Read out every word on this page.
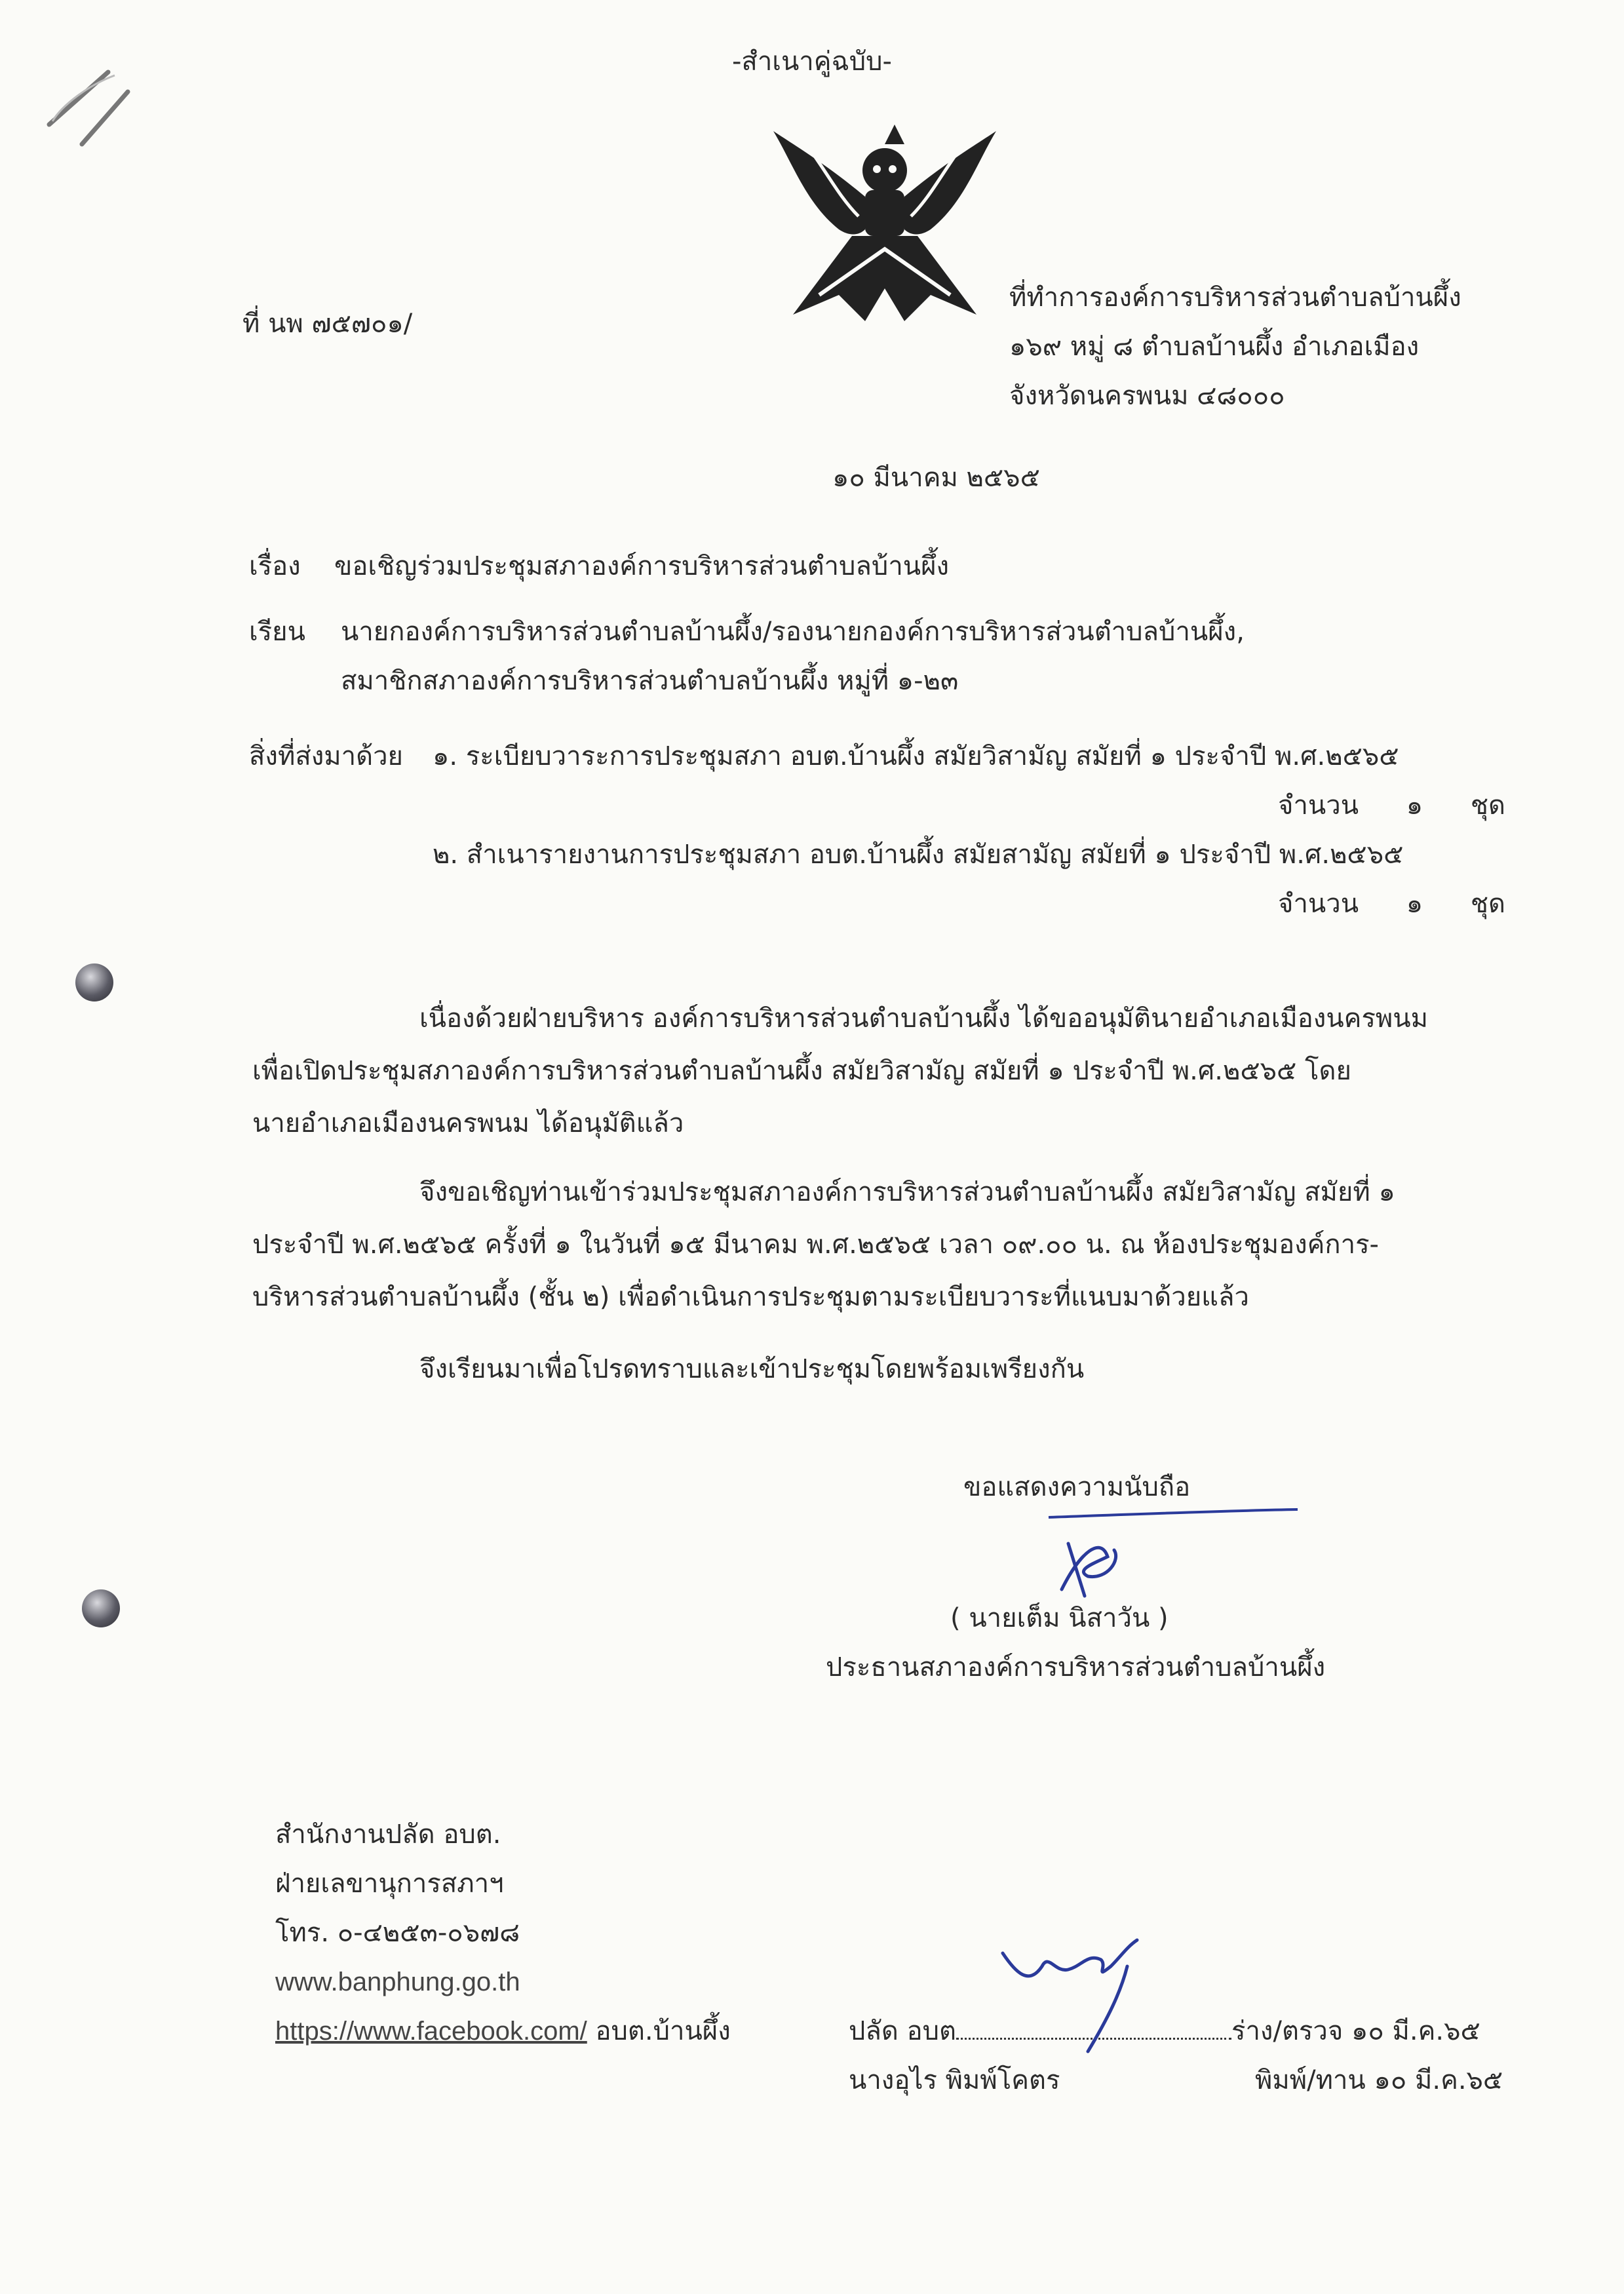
-สำเนาคู่ฉบับ-
ที่ นพ ๗๕๗๐๑/
ที่ทำการองค์การบริหารส่วนตำบลบ้านผึ้ง
๑๖๙ หมู่ ๘ ตำบลบ้านผึ้ง อำเภอเมือง
จังหวัดนครพนม ๔๘๐๐๐
๑๐ มีนาคม ๒๕๖๕
เรื่อง ขอเชิญร่วมประชุมสภาองค์การบริหารส่วนตำบลบ้านผึ้ง
เรียน นายกองค์การบริหารส่วนตำบลบ้านผึ้ง/รองนายกองค์การบริหารส่วนตำบลบ้านผึ้ง,
สมาชิกสภาองค์การบริหารส่วนตำบลบ้านผึ้ง หมู่ที่ ๑-๒๓
สิ่งที่ส่งมาด้วย ๑. ระเบียบวาระการประชุมสภา อบต.บ้านผึ้ง สมัยวิสามัญ สมัยที่ ๑ ประจำปี พ.ศ.๒๕๖๕
จำนวน ๑ ชุด
๒. สำเนารายงานการประชุมสภา อบต.บ้านผึ้ง สมัยสามัญ สมัยที่ ๑ ประจำปี พ.ศ.๒๕๖๕
จำนวน ๑ ชุด
เนื่องด้วยฝ่ายบริหาร องค์การบริหารส่วนตำบลบ้านผึ้ง ได้ขออนุมัตินายอำเภอเมืองนครพนม
เพื่อเปิดประชุมสภาองค์การบริหารส่วนตำบลบ้านผึ้ง สมัยวิสามัญ สมัยที่ ๑ ประจำปี พ.ศ.๒๕๖๕ โดย
นายอำเภอเมืองนครพนม ได้อนุมัติแล้ว
จึงขอเชิญท่านเข้าร่วมประชุมสภาองค์การบริหารส่วนตำบลบ้านผึ้ง สมัยวิสามัญ สมัยที่ ๑
ประจำปี พ.ศ.๒๕๖๕ ครั้งที่ ๑ ในวันที่ ๑๕ มีนาคม พ.ศ.๒๕๖๕ เวลา ๐๙.๐๐ น. ณ ห้องประชุมองค์การ-
บริหารส่วนตำบลบ้านผึ้ง (ชั้น ๒) เพื่อดำเนินการประชุมตามระเบียบวาระที่แนบมาด้วยแล้ว
จึงเรียนมาเพื่อโปรดทราบและเข้าประชุมโดยพร้อมเพรียงกัน
ขอแสดงความนับถือ
( นายเต็ม นิสาวัน )
ประธานสภาองค์การบริหารส่วนตำบลบ้านผึ้ง
สำนักงานปลัด อบต.
ฝ่ายเลขานุการสภาฯ
โทร. ๐-๔๒๕๓-๐๖๗๘
www.banphung.go.th
https://www.facebook.com/ อบต.บ้านผึ้ง	ปลัด อบต	ร่าง/ตรวจ ๑๐ มี.ค.๖๕
นางอุไร พิมพ์โคตร	พิมพ์/ทาน ๑๐ มี.ค.๖๕
